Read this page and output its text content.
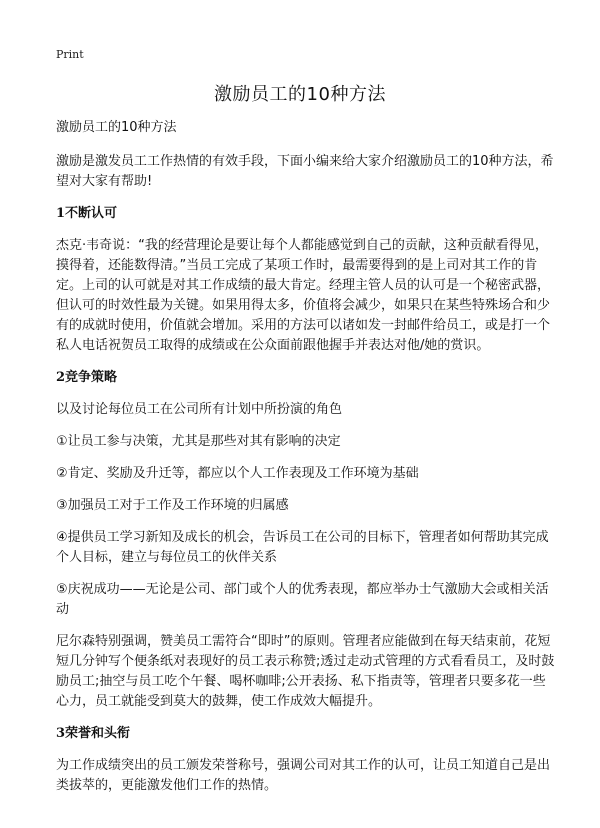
Print
激励员工的10种方法

激励员工的10种方法

激励是激发员工工作热情的有效手段，下面小编来给大家介绍激励员工的10种方法，希望对大家有帮助!

1不断认可

杰克·韦奇说：“我的经营理论是要让每个人都能感觉到自己的贡献，这种贡献看得见，摸得着，还能数得清。”当员工完成了某项工作时，最需要得到的是上司对其工作的肯定。上司的认可就是对其工作成绩的最大肯定。经理主管人员的认可是一个秘密武器，但认可的时效性最为关键。如果用得太多，价值将会减少，如果只在某些特殊场合和少有的成就时使用，价值就会增加。采用的方法可以诸如发一封邮件给员工，或是打一个私人电话祝贺员工取得的成绩或在公众面前跟他握手并表达对他/她的赏识。

2竞争策略

以及讨论每位员工在公司所有计划中所扮演的角色

①让员工参与决策，尤其是那些对其有影响的决定

②肯定、奖励及升迁等，都应以个人工作表现及工作环境为基础

③加强员工对于工作及工作环境的归属感

④提供员工学习新知及成长的机会，告诉员工在公司的目标下，管理者如何帮助其完成个人目标，建立与每位员工的伙伴关系

⑤庆祝成功——无论是公司、部门或个人的优秀表现，都应举办士气激励大会或相关活动

尼尔森特别强调，赞美员工需符合“即时”的原则。管理者应能做到在每天结束前，花短短几分钟写个便条纸对表现好的员工表示称赞;透过走动式管理的方式看看员工，及时鼓励员工;抽空与员工吃个午餐、喝杯咖啡;公开表扬、私下指责等，管理者只要多花一些心力，员工就能受到莫大的鼓舞，使工作成效大幅提升。

3荣誉和头衔

为工作成绩突出的员工颁发荣誉称号，强调公司对其工作的认可，让员工知道自己是出类拔萃的，更能激发他们工作的热情。
